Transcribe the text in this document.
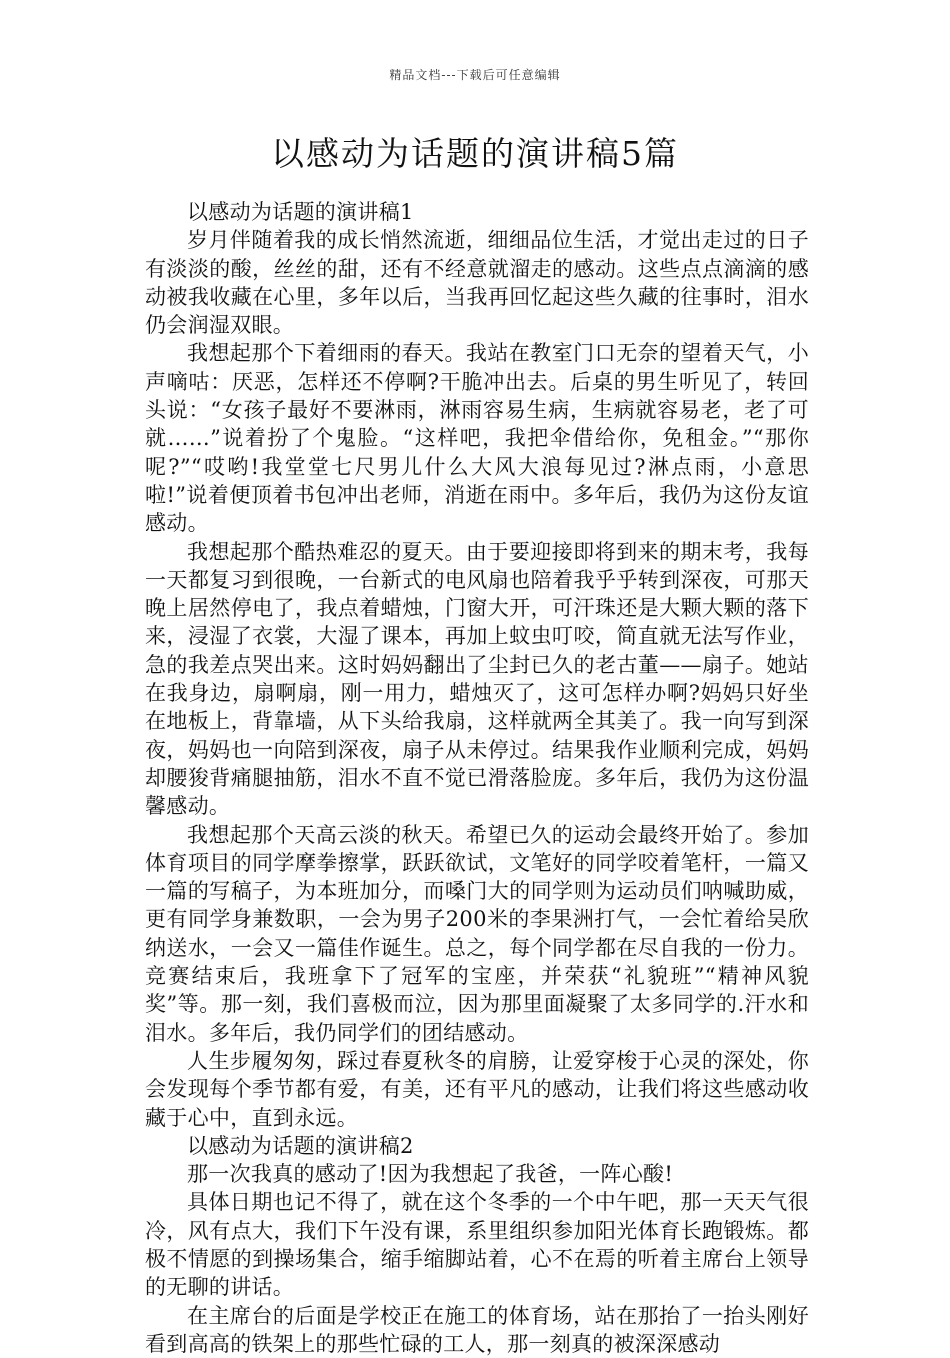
精品文档---下载后可任意编辑
以感动为话题的演讲稿5篇

以感动为话题的演讲稿1

岁月伴随着我的成长悄然流逝，细细品位生活，才觉出走过的日子有淡淡的酸，丝丝的甜，还有不经意就溜走的感动。这些点点滴滴的感动被我收藏在心里，多年以后，当我再回忆起这些久藏的往事时，泪水仍会润湿双眼。

我想起那个下着细雨的春天。我站在教室门口无奈的望着天气，小声嘀咕：厌恶，怎样还不停啊?干脆冲出去。后桌的男生听见了，转回头说：“女孩子最好不要淋雨，淋雨容易生病，生病就容易老，老了可就……”说着扮了个鬼脸。“这样吧，我把伞借给你，免租金。”“那你呢?”“哎哟!我堂堂七尺男儿什么大风大浪每见过?淋点雨，小意思啦!”说着便顶着书包冲出老师，消逝在雨中。多年后，我仍为这份友谊感动。

我想起那个酷热难忍的夏天。由于要迎接即将到来的期末考，我每一天都复习到很晚，一台新式的电风扇也陪着我乎乎转到深夜，可那天晚上居然停电了，我点着蜡烛，门窗大开，可汗珠还是大颗大颗的落下来，浸湿了衣裳，大湿了课本，再加上蚊虫叮咬，简直就无法写作业，急的我差点哭出来。这时妈妈翻出了尘封已久的老古董——扇子。她站在我身边，扇啊扇，刚一用力，蜡烛灭了，这可怎样办啊?妈妈只好坐在地板上，背靠墙，从下头给我扇，这样就两全其美了。我一向写到深夜，妈妈也一向陪到深夜，扇子从未停过。结果我作业顺利完成，妈妈却腰狻背痛腿抽筋，泪水不直不觉已滑落脸庞。多年后，我仍为这份温馨感动。

我想起那个天高云淡的秋天。希望已久的运动会最终开始了。参加体育项目的同学摩拳擦掌，跃跃欲试，文笔好的同学咬着笔杆，一篇又一篇的写稿子，为本班加分，而嗓门大的同学则为运动员们呐喊助威，更有同学身兼数职，一会为男子200米的李果洲打气，一会忙着给吴欣纳送水，一会又一篇佳作诞生。总之，每个同学都在尽自我的一份力。竞赛结束后，我班拿下了冠军的宝座，并荣获“礼貌班”“精神风貌奖”等。那一刻，我们喜极而泣，因为那里面凝聚了太多同学的.汗水和泪水。多年后，我仍同学们的团结感动。

人生步履匆匆，踩过春夏秋冬的肩膀，让爱穿梭于心灵的深处，你会发现每个季节都有爱，有美，还有平凡的感动，让我们将这些感动收藏于心中，直到永远。

以感动为话题的演讲稿2

那一次我真的感动了!因为我想起了我爸，一阵心酸!

具体日期也记不得了，就在这个冬季的一个中午吧，那一天天气很冷，风有点大，我们下午没有课，系里组织参加阳光体育长跑锻炼。都极不情愿的到操场集合，缩手缩脚站着，心不在焉的听着主席台上领导的无聊的讲话。

在主席台的后面是学校正在施工的体育场，站在那抬了一抬头刚好看到高高的铁架上的那些忙碌的工人，那一刻真的被深深感动
